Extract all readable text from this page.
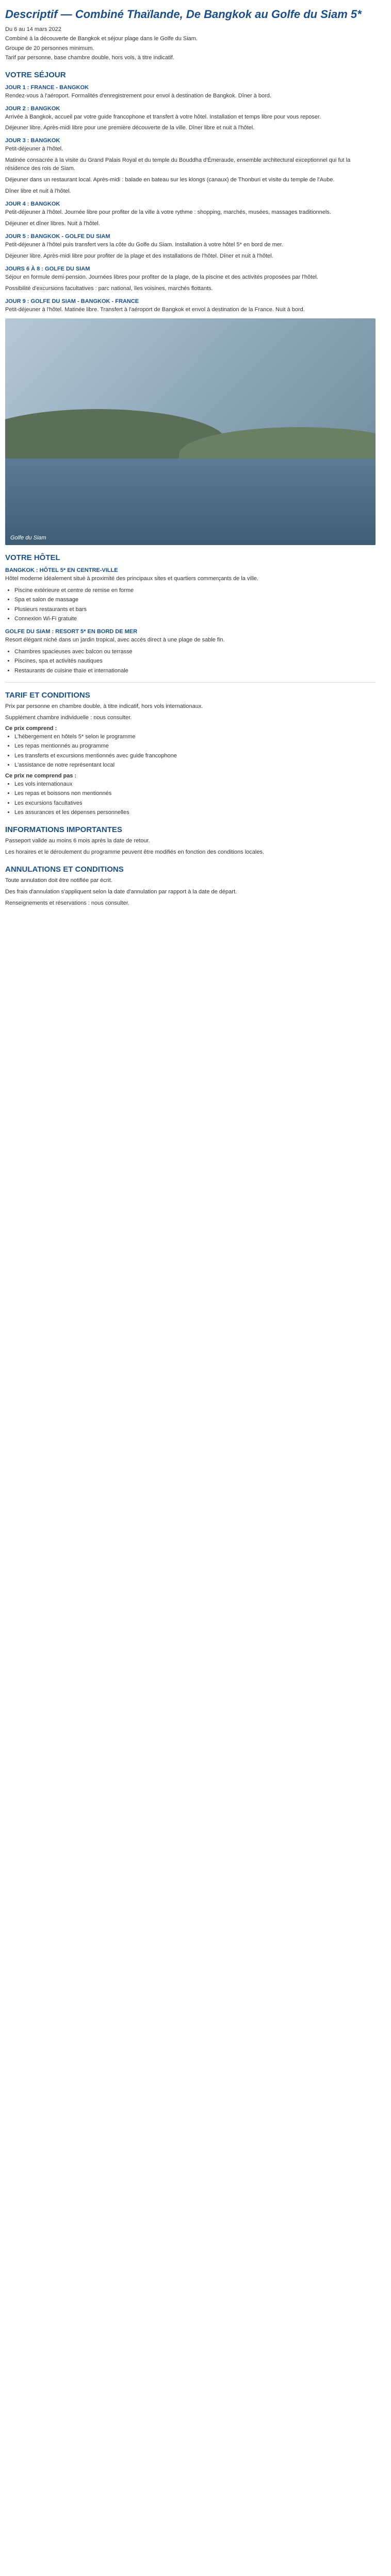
Descriptif — Combiné Thaïlande, De Bangkok au Golfe du Siam 5*

Du 6 au 14 mars 2022

Combiné à la découverte de Bangkok et séjour plage dans le Golfe du Siam.

Groupe de 20 personnes minimum.

Tarif par personne, base chambre double, hors vols, à titre indicatif.

VOTRE SÉJOUR
JOUR 1 : FRANCE - BANGKOK

Rendez-vous à l'aéroport. Formalités d'enregistrement pour envol à destination de Bangkok. Dîner à bord.

JOUR 2 : BANGKOK

Arrivée à Bangkok, accueil par votre guide francophone et transfert à votre hôtel. Installation et temps libre pour vous reposer.

Déjeuner libre. Après-midi libre pour une première découverte de la ville. Dîner libre et nuit à l'hôtel.

JOUR 3 : BANGKOK

Petit-déjeuner à l'hôtel.

Matinée consacrée à la visite du Grand Palais Royal et du temple du Bouddha d'Émeraude, ensemble architectural exceptionnel qui fut la résidence des rois de Siam.

Déjeuner dans un restaurant local. Après-midi : balade en bateau sur les klongs (canaux) de Thonburi et visite du temple de l'Aube.

Dîner libre et nuit à l'hôtel.

JOUR 4 : BANGKOK

Petit-déjeuner à l'hôtel. Journée libre pour profiter de la ville à votre rythme : shopping, marchés, musées, massages traditionnels.

Déjeuner et dîner libres. Nuit à l'hôtel.

JOUR 5 : BANGKOK - GOLFE DU SIAM

Petit-déjeuner à l'hôtel puis transfert vers la côte du Golfe du Siam. Installation à votre hôtel 5* en bord de mer.

Déjeuner libre. Après-midi libre pour profiter de la plage et des installations de l'hôtel. Dîner et nuit à l'hôtel.

JOURS 6 À 8 : GOLFE DU SIAM

Séjour en formule demi-pension. Journées libres pour profiter de la plage, de la piscine et des activités proposées par l'hôtel.

Possibilité d'excursions facultatives : parc national, îles voisines, marchés flottants.

JOUR 9 : GOLFE DU SIAM - BANGKOK - FRANCE

Petit-déjeuner à l'hôtel. Matinée libre. Transfert à l'aéroport de Bangkok et envol à destination de la France. Nuit à bord.

Golfe du Siam
VOTRE HÔTEL
BANGKOK : HÔTEL 5* EN CENTRE-VILLE

Hôtel moderne idéalement situé à proximité des principaux sites et quartiers commerçants de la ville.

• Piscine extérieure et centre de remise en forme
• Spa et salon de massage
• Plusieurs restaurants et bars
• Connexion Wi-Fi gratuite
GOLFE DU SIAM : RESORT 5* EN BORD DE MER

Resort élégant niché dans un jardin tropical, avec accès direct à une plage de sable fin.

• Chambres spacieuses avec balcon ou terrasse
• Piscines, spa et activités nautiques
• Restaurants de cuisine thaïe et internationale
TARIF ET CONDITIONS

Prix par personne en chambre double, à titre indicatif, hors vols internationaux.

Supplément chambre individuelle : nous consulter.

Ce prix comprend :

• L'hébergement en hôtels 5* selon le programme
• Les repas mentionnés au programme
• Les transferts et excursions mentionnés avec guide francophone
• L'assistance de notre représentant local

Ce prix ne comprend pas :

• Les vols internationaux
• Les repas et boissons non mentionnés
• Les excursions facultatives
• Les assurances et les dépenses personnelles
INFORMATIONS IMPORTANTES

Passeport valide au moins 6 mois après la date de retour.

Les horaires et le déroulement du programme peuvent être modifiés en fonction des conditions locales.

ANNULATIONS ET CONDITIONS

Toute annulation doit être notifiée par écrit.

Des frais d'annulation s'appliquent selon la date d'annulation par rapport à la date de départ.

Renseignements et réservations : nous consulter.
